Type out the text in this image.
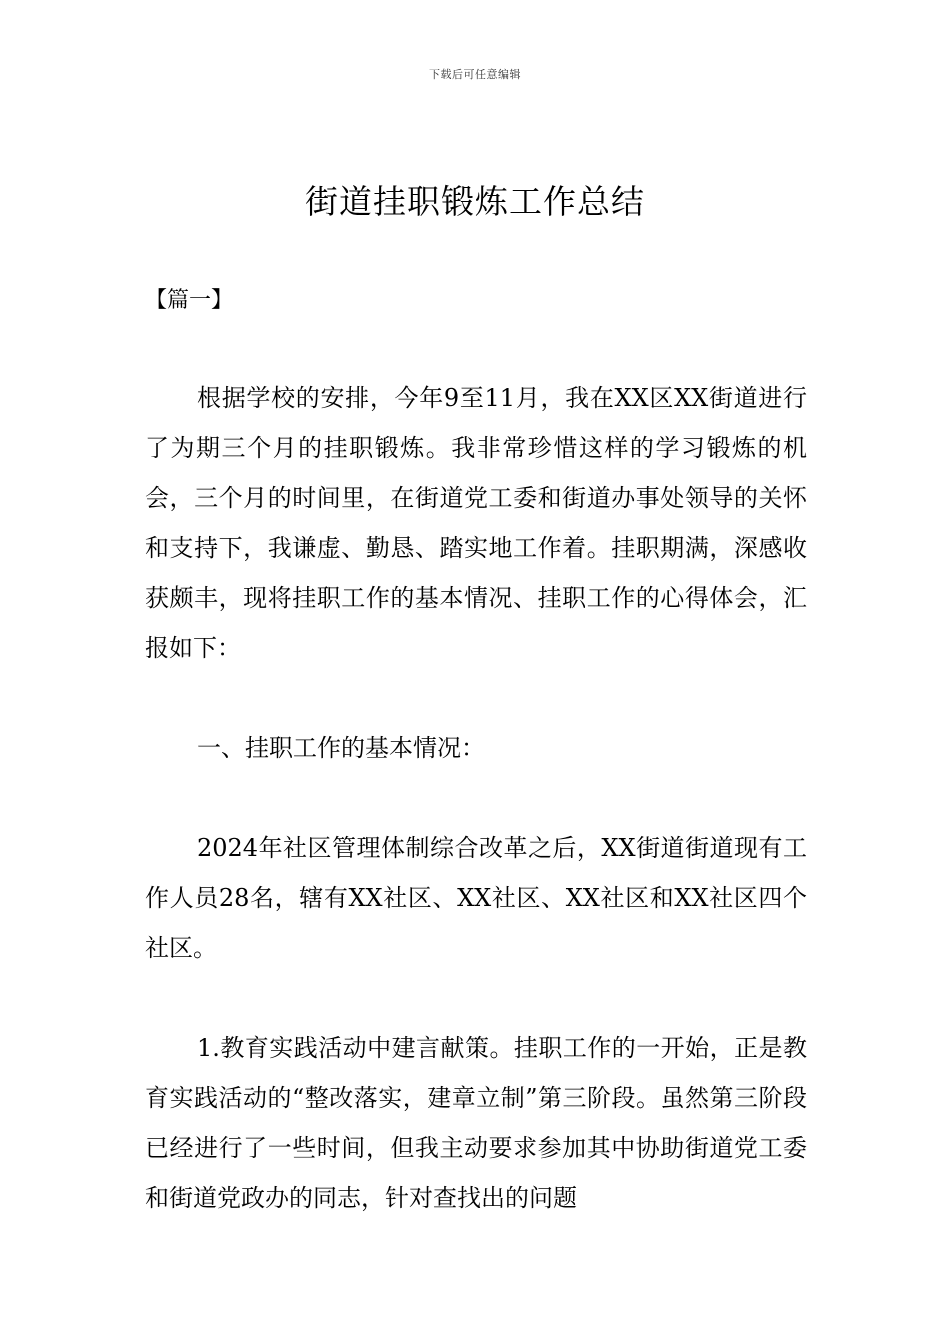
下载后可任意编辑
街道挂职锻炼工作总结
【篇一】

根据学校的安排，今年9至11月，我在XX区XX街道进行了为期三个月的挂职锻炼。我非常珍惜这样的学习锻炼的机会，三个月的时间里，在街道党工委和街道办事处领导的关怀和支持下，我谦虚、勤恳、踏实地工作着。挂职期满，深感收获颇丰，现将挂职工作的基本情况、挂职工作的心得体会，汇报如下：

一、挂职工作的基本情况：

2024年社区管理体制综合改革之后，XX街道街道现有工作人员28名，辖有XX社区、XX社区、XX社区和XX社区四个社区。

1.教育实践活动中建言献策。挂职工作的一开始，正是教育实践活动的“整改落实，建章立制”第三阶段。虽然第三阶段已经进行了一些时间，但我主动要求参加其中协助街道党工委和街道党政办的同志，针对查找出的问题
